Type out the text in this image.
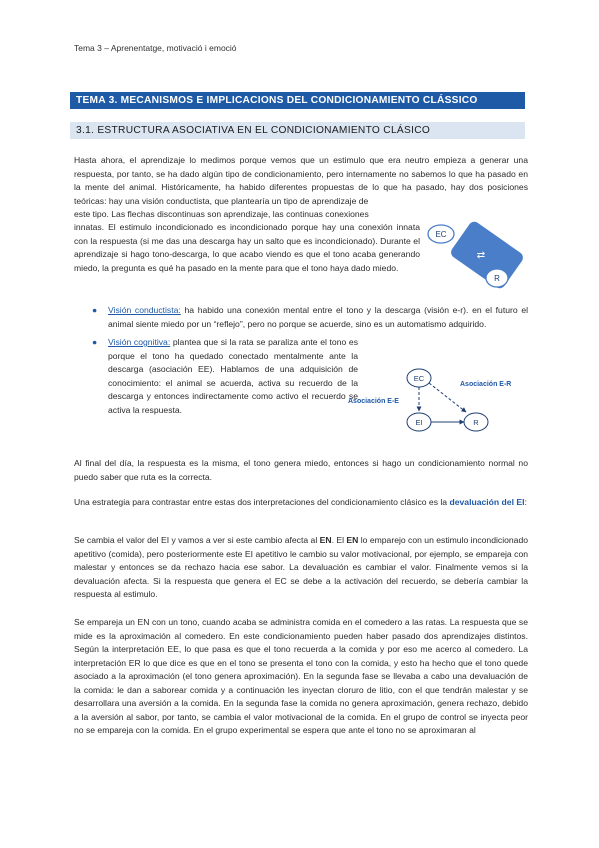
Tema 3 – Aprenentatge, motivació i emoció
TEMA 3. MECANISMOS E IMPLICACIONS DEL CONDICIONAMIENTO CLÁSSICO
3.1. ESTRUCTURA ASOCIATIVA EN EL CONDICIONAMIENTO CLÁSICO
Hasta ahora, el aprendizaje lo medimos porque vemos que un estimulo que era neutro empieza a generar una respuesta, por tanto, se ha dado algún tipo de condicionamiento, pero internamente no sabemos lo que ha pasado en la mente del animal. Históricamente, ha habido diferentes propuestas de lo que ha pasado, hay dos posiciones teóricas: hay una visión conductista, que plantearía un tipo de aprendizaje de
este tipo. Las flechas discontinuas son aprendizaje, las continuas conexiones
innatas. El estimulo incondicionado es incondicionado porque hay una conexión innata con la respuesta (si me das una descarga hay un salto que es incondicionado). Durante el aprendizaje si hago tono-descarga, lo que acabo viendo es que el tono acaba generando miedo, la pregunta es qué ha pasado en la mente para que el tono haya dado miedo.
EC
R
⇄
● Visión conductista: ha habido una conexión mental entre el tono y la descarga (visión e-r). en el futuro el animal siente miedo por un “reflejo”, pero no porque se acuerde, sino es un automatismo adquirido.
● Visión cognitiva: plantea que si la rata se paraliza ante el tono es porque el tono ha quedado conectado mentalmente ante la descarga (asociación EE). Hablamos de una adquisición de conocimiento: el animal se acuerda, activa su recuerdo de la descarga y entonces indirectamente como activo el recuerdo se activa la respuesta.
EC
EI	R
Asociación E-R
Asociación E-E
Al final del día, la respuesta es la misma, el tono genera miedo, entonces si hago un condicionamiento normal no puedo saber que ruta es la correcta.
Una estrategia para contrastar entre estas dos interpretaciones del condicionamiento clásico es la devaluación del EI:
Se cambia el valor del EI y vamos a ver si este cambio afecta al EN. El EN lo emparejo con un estimulo incondicionado apetitivo (comida), pero posteriormente este EI apetitivo le cambio su valor motivacional, por ejemplo, se empareja con malestar y entonces se da rechazo hacia ese sabor. La devaluación es cambiar el valor. Finalmente vemos si la devaluación afecta. Si la respuesta que genera el EC se debe a la activación del recuerdo, se debería cambiar la respuesta al estimulo.
Se empareja un EN con un tono, cuando acaba se administra comida en el comedero a las ratas. La respuesta que se mide es la aproximación al comedero. En este condicionamiento pueden haber pasado dos aprendizajes distintos. Según la interpretación EE, lo que pasa es que el tono recuerda a la comida y por eso me acerco al comedero. La interpretación ER lo que dice es que en el tono se presenta el tono con la comida, y esto ha hecho que el tono quede asociado a la aproximación (el tono genera aproximación). En la segunda fase se llevaba a cabo una devaluación de la comida: le dan a saborear comida y a continuación les inyectan cloruro de litio, con el que tendrán malestar y se desarrollara una aversión a la comida. En la segunda fase la comida no genera aproximación, genera rechazo, debido a la aversión al sabor, por tanto, se cambia el valor motivacional de la comida. En el grupo de control se inyecta peor no se empareja con la comida. En el grupo experimental se espera que ante el tono no se aproximaran al
